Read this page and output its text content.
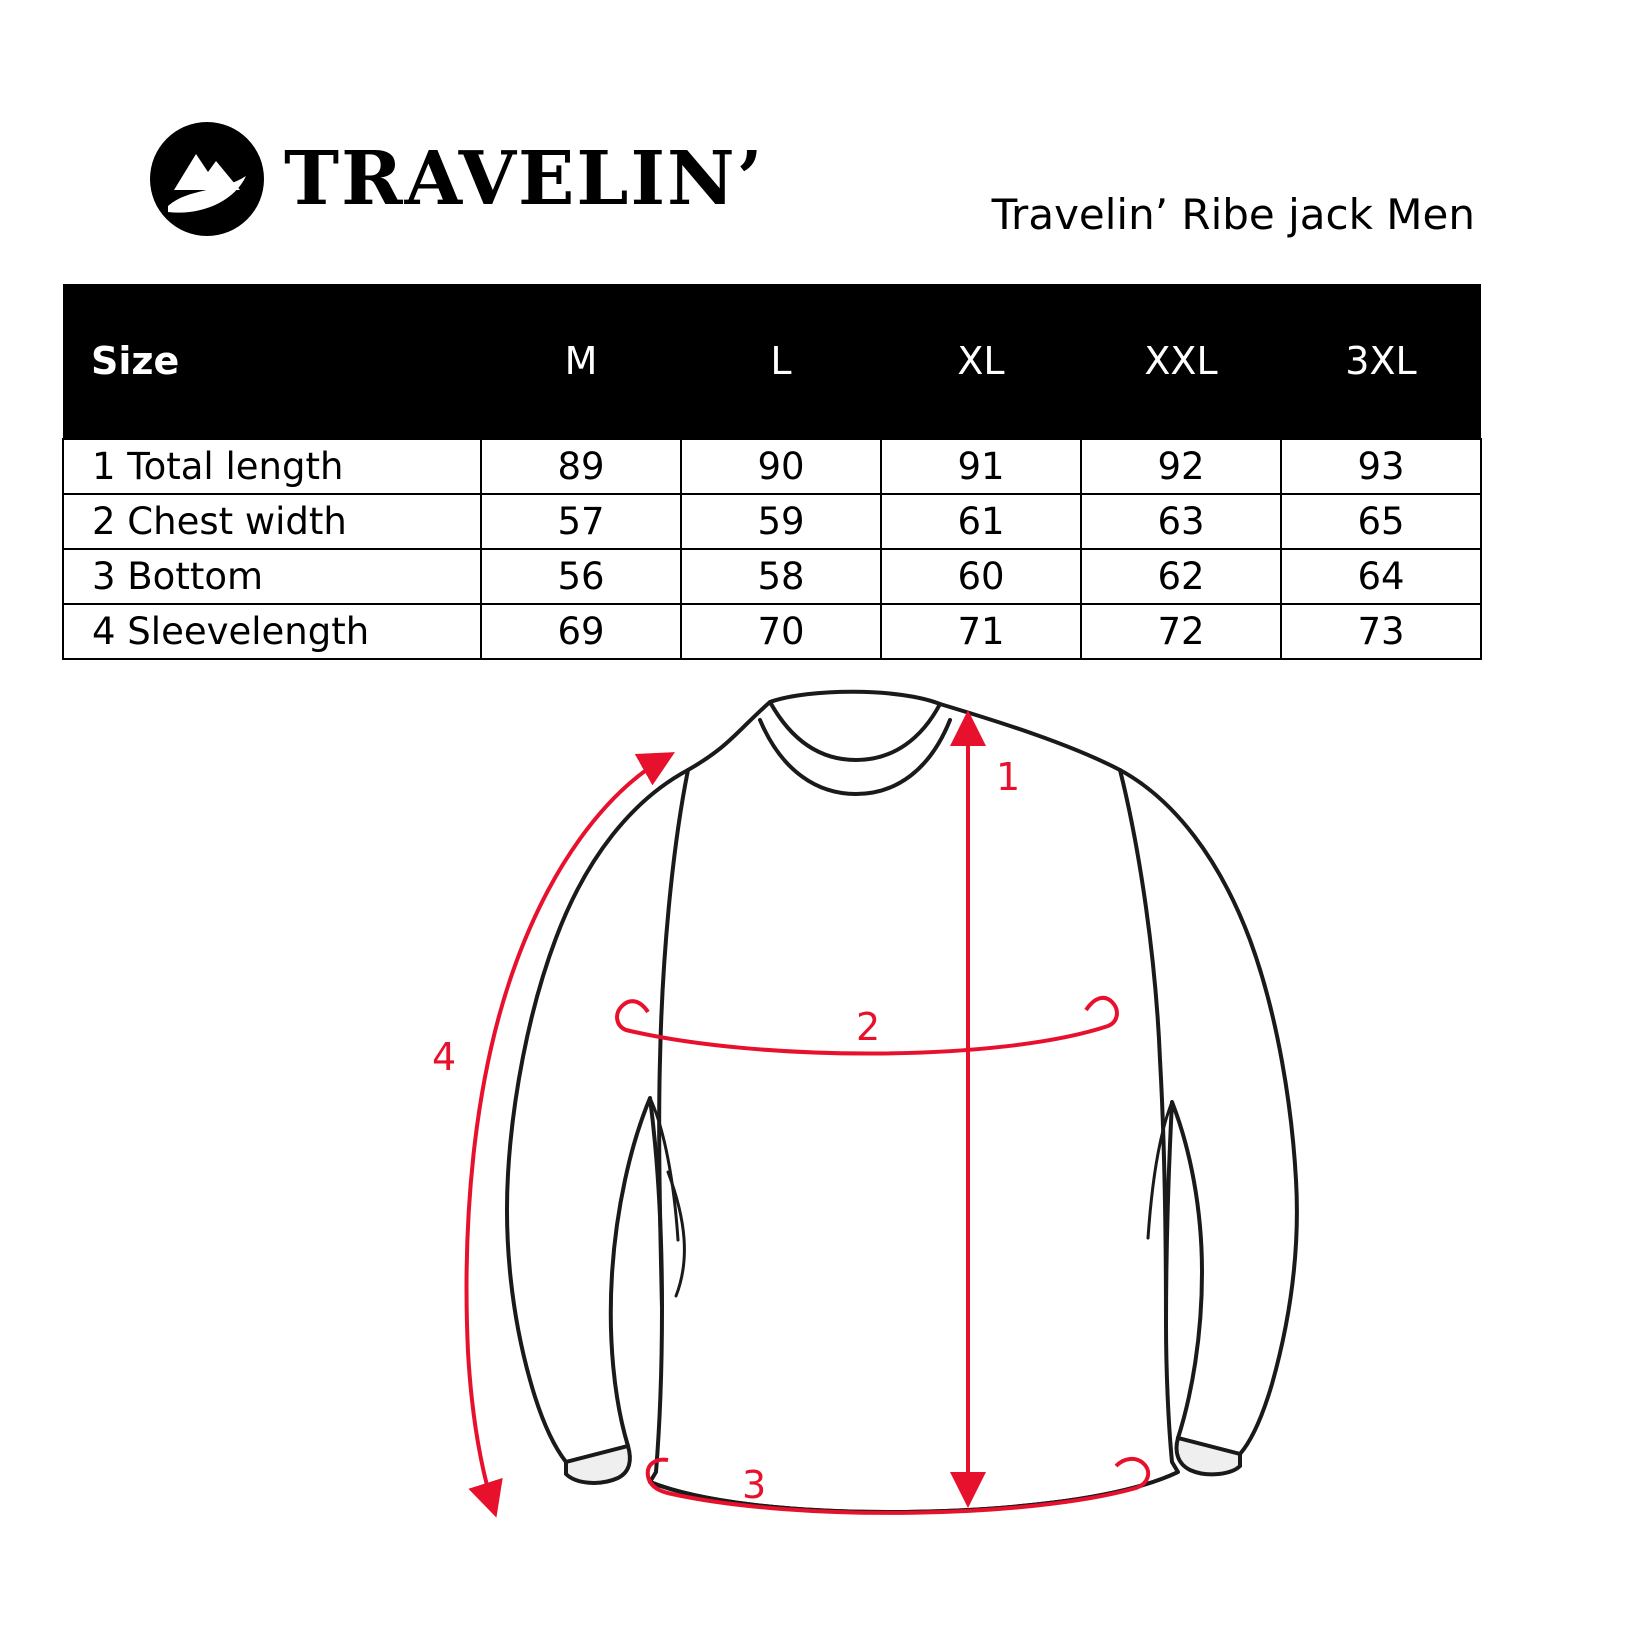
TRAVELIN’	Travelin’ Ribe jack Men
Size	M	L	XL	XXL	3XL
1 Total length	89	90	91	92	93
2 Chest width	57	59	61	63	65
3 Bottom	56	58	60	62	64
4 Sleevelength	69	70	71	72	73
1
2
3
4
